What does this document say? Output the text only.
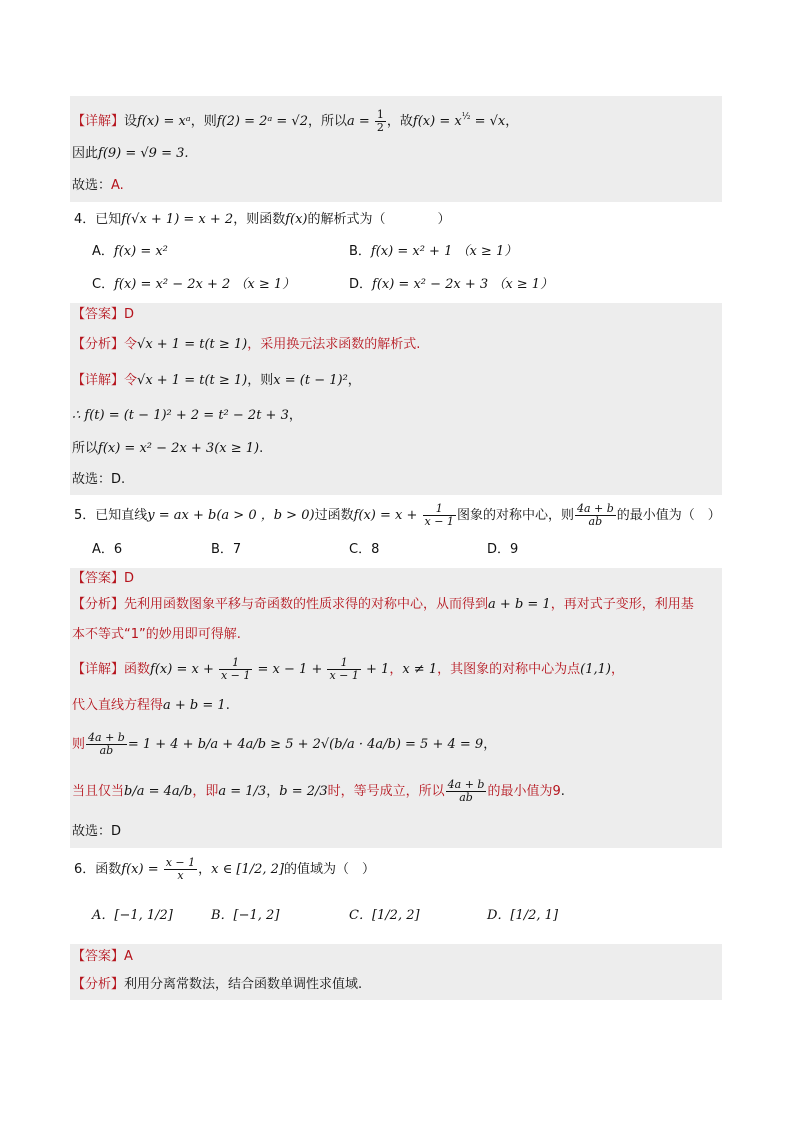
【详解】设f(x) = xᵃ，则f(2) = 2ᵃ = √2，所以$a = \frac{1}{2}$ ，故$f(x) = x^{\frac{1}{2}} = √x$，
因此f(9) = √9 = 3.
故选：A.
4．已知f(√x + 1) = x + 2，则函数f(x)的解析式为（　　　　）
A．f(x) = x²	B．f(x) = x² + 1 （x ≥ 1）
C．f(x) = x² − 2x + 2 （x ≥ 1）	D．f(x) = x² − 2x + 3 （x ≥ 1）
【答案】D
【分析】令√x + 1 = t(t ≥ 1)，采用换元法求函数的解析式.
【详解】令√x + 1 = t(t ≥ 1)，则x = (t − 1)²，
∴ f(t) = (t − 1)² + 2 = t² − 2t + 3，
所以f(x) = x² − 2x + 3(x ≥ 1).
故选：D.
5．已知直线y = ax + b(a > 0 ，b > 0)过函数$f(x) = x + \frac{1}{x - 1}$ 图象的对称中心，则 $\frac{4a + b}{ab}$ 的最小值为（　）
A．6	B．7	C．8	D．9
【答案】D
【分析】先利用函数图象平移与奇函数的性质求得的对称中心，从而得到a + b = 1，再对式子变形，利用基
本不等式“1”的妙用即可得解.
【详解】函数$f(x) = x + \frac{1}{x - 1} = x - 1 + \frac{1}{x - 1} + 1$，x ≠ 1，其图象的对称中心为点(1,1)，
代入直线方程得a + b = 1.
则 $\frac{4a + b}{ab} = 1 + 4 + b/a + 4a/b \ge 5 + 2√(b/a \cdot 4a/b) = 5 + 4 = 9$，
当且仅当b/a = 4a/b，即a = 1/3，b = 2/3时，等号成立，所以 $\frac{4a + b}{ab}$ 的最小值为9.
故选：D
6．函数$f(x) = \frac{x - 1}{x}$ ，x ∈ [1/2, 2]的值域为（　）
A．[−1, 1/2]	B．[−1, 2]	C．[1/2, 2]	D．[1/2, 1]
【答案】A
【分析】利用分离常数法，结合函数单调性求值域.
